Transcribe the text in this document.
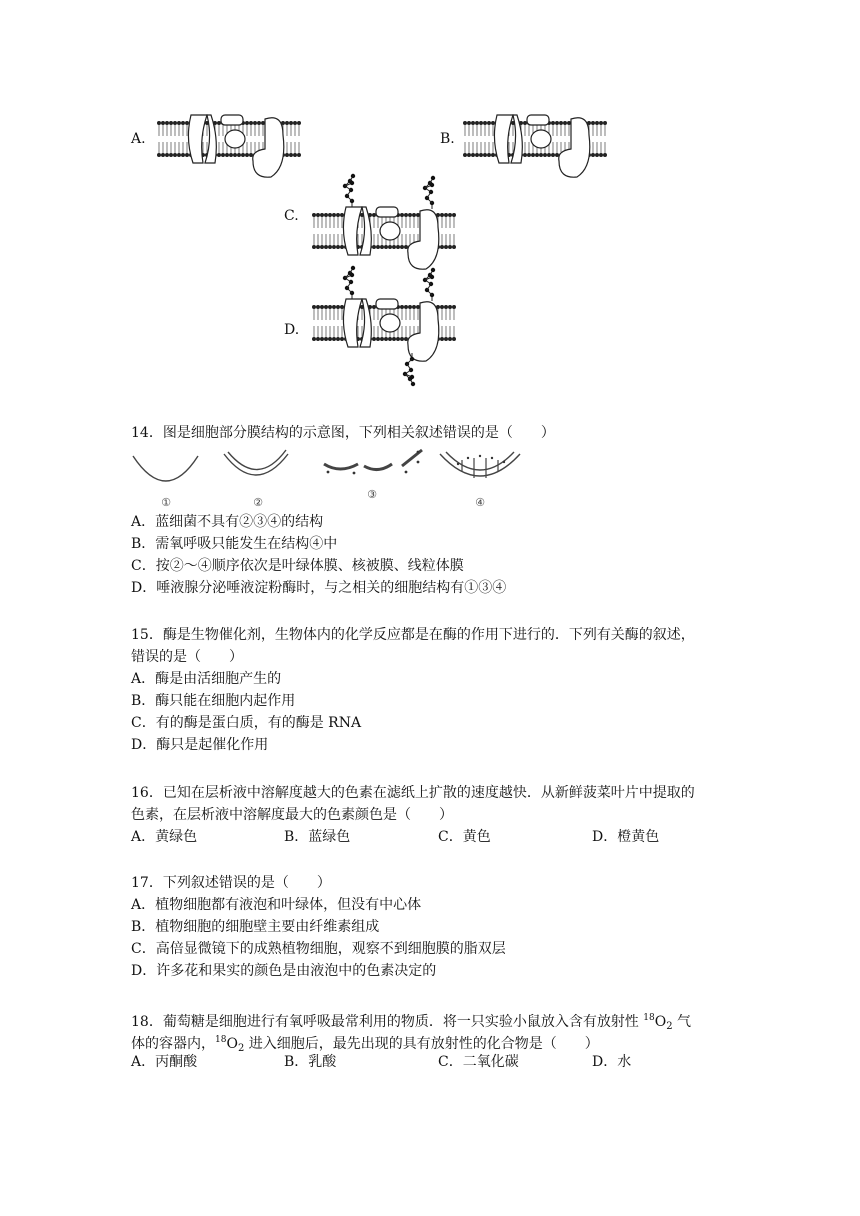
A.	B.
C.
D.
14．图是细胞部分膜结构的示意图，下列相关叙述错误的是（　　）
①	②
③
④
A．蓝细菌不具有②③④的结构
B．需氧呼吸只能发生在结构④中
C．按②～④顺序依次是叶绿体膜、核被膜、线粒体膜
D．唾液腺分泌唾液淀粉酶时，与之相关的细胞结构有①③④
15．酶是生物催化剂，生物体内的化学反应都是在酶的作用下进行的．下列有关酶的叙述，
错误的是（　　）
A．酶是由活细胞产生的
B．酶只能在细胞内起作用
C．有的酶是蛋白质，有的酶是 RNA
D．酶只是起催化作用
16．已知在层析液中溶解度越大的色素在滤纸上扩散的速度越快．从新鲜菠菜叶片中提取的
色素，在层析液中溶解度最大的色素颜色是（　　）
A．黄绿色	B．蓝绿色	C．黄色	D．橙黄色
17．下列叙述错误的是（　　）
A．植物细胞都有液泡和叶绿体，但没有中心体
B．植物细胞的细胞壁主要由纤维素组成
C．高倍显微镜下的成熟植物细胞，观察不到细胞膜的脂双层
D．许多花和果实的颜色是由液泡中的色素决定的
18．葡萄糖是细胞进行有氧呼吸最常利用的物质．将一只实验小鼠放入含有放射性 $^{18}O_2$ 气
体的容器内，$^{18}O_2$ 进入细胞后，最先出现的具有放射性的化合物是（　　）
A．丙酮酸	B．乳酸	C．二氧化碳	D．水
